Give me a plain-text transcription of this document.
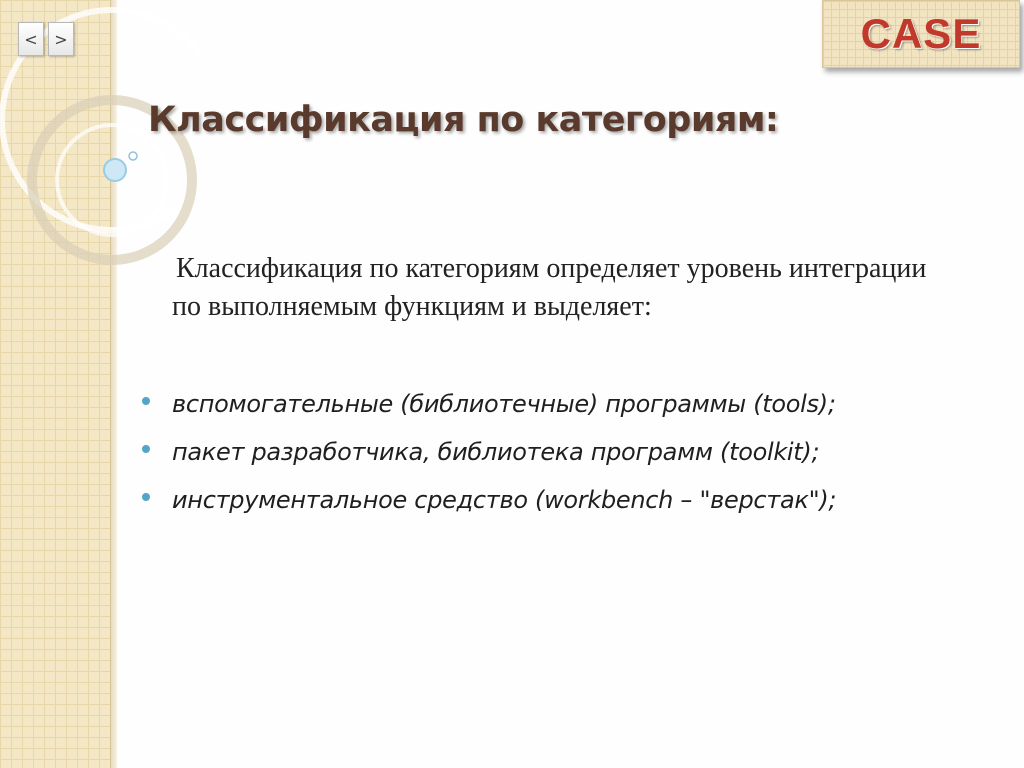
<	>	CASE
Классификация по категориям:

Классификация по категориям определяет уровень интеграции по выполняемым функциям и выделяет:

вспомогательные (библиотечные) программы (tools);
пакет разработчика, библиотека программ (toolkit);
инструментальное средство (workbench – "верстак");
